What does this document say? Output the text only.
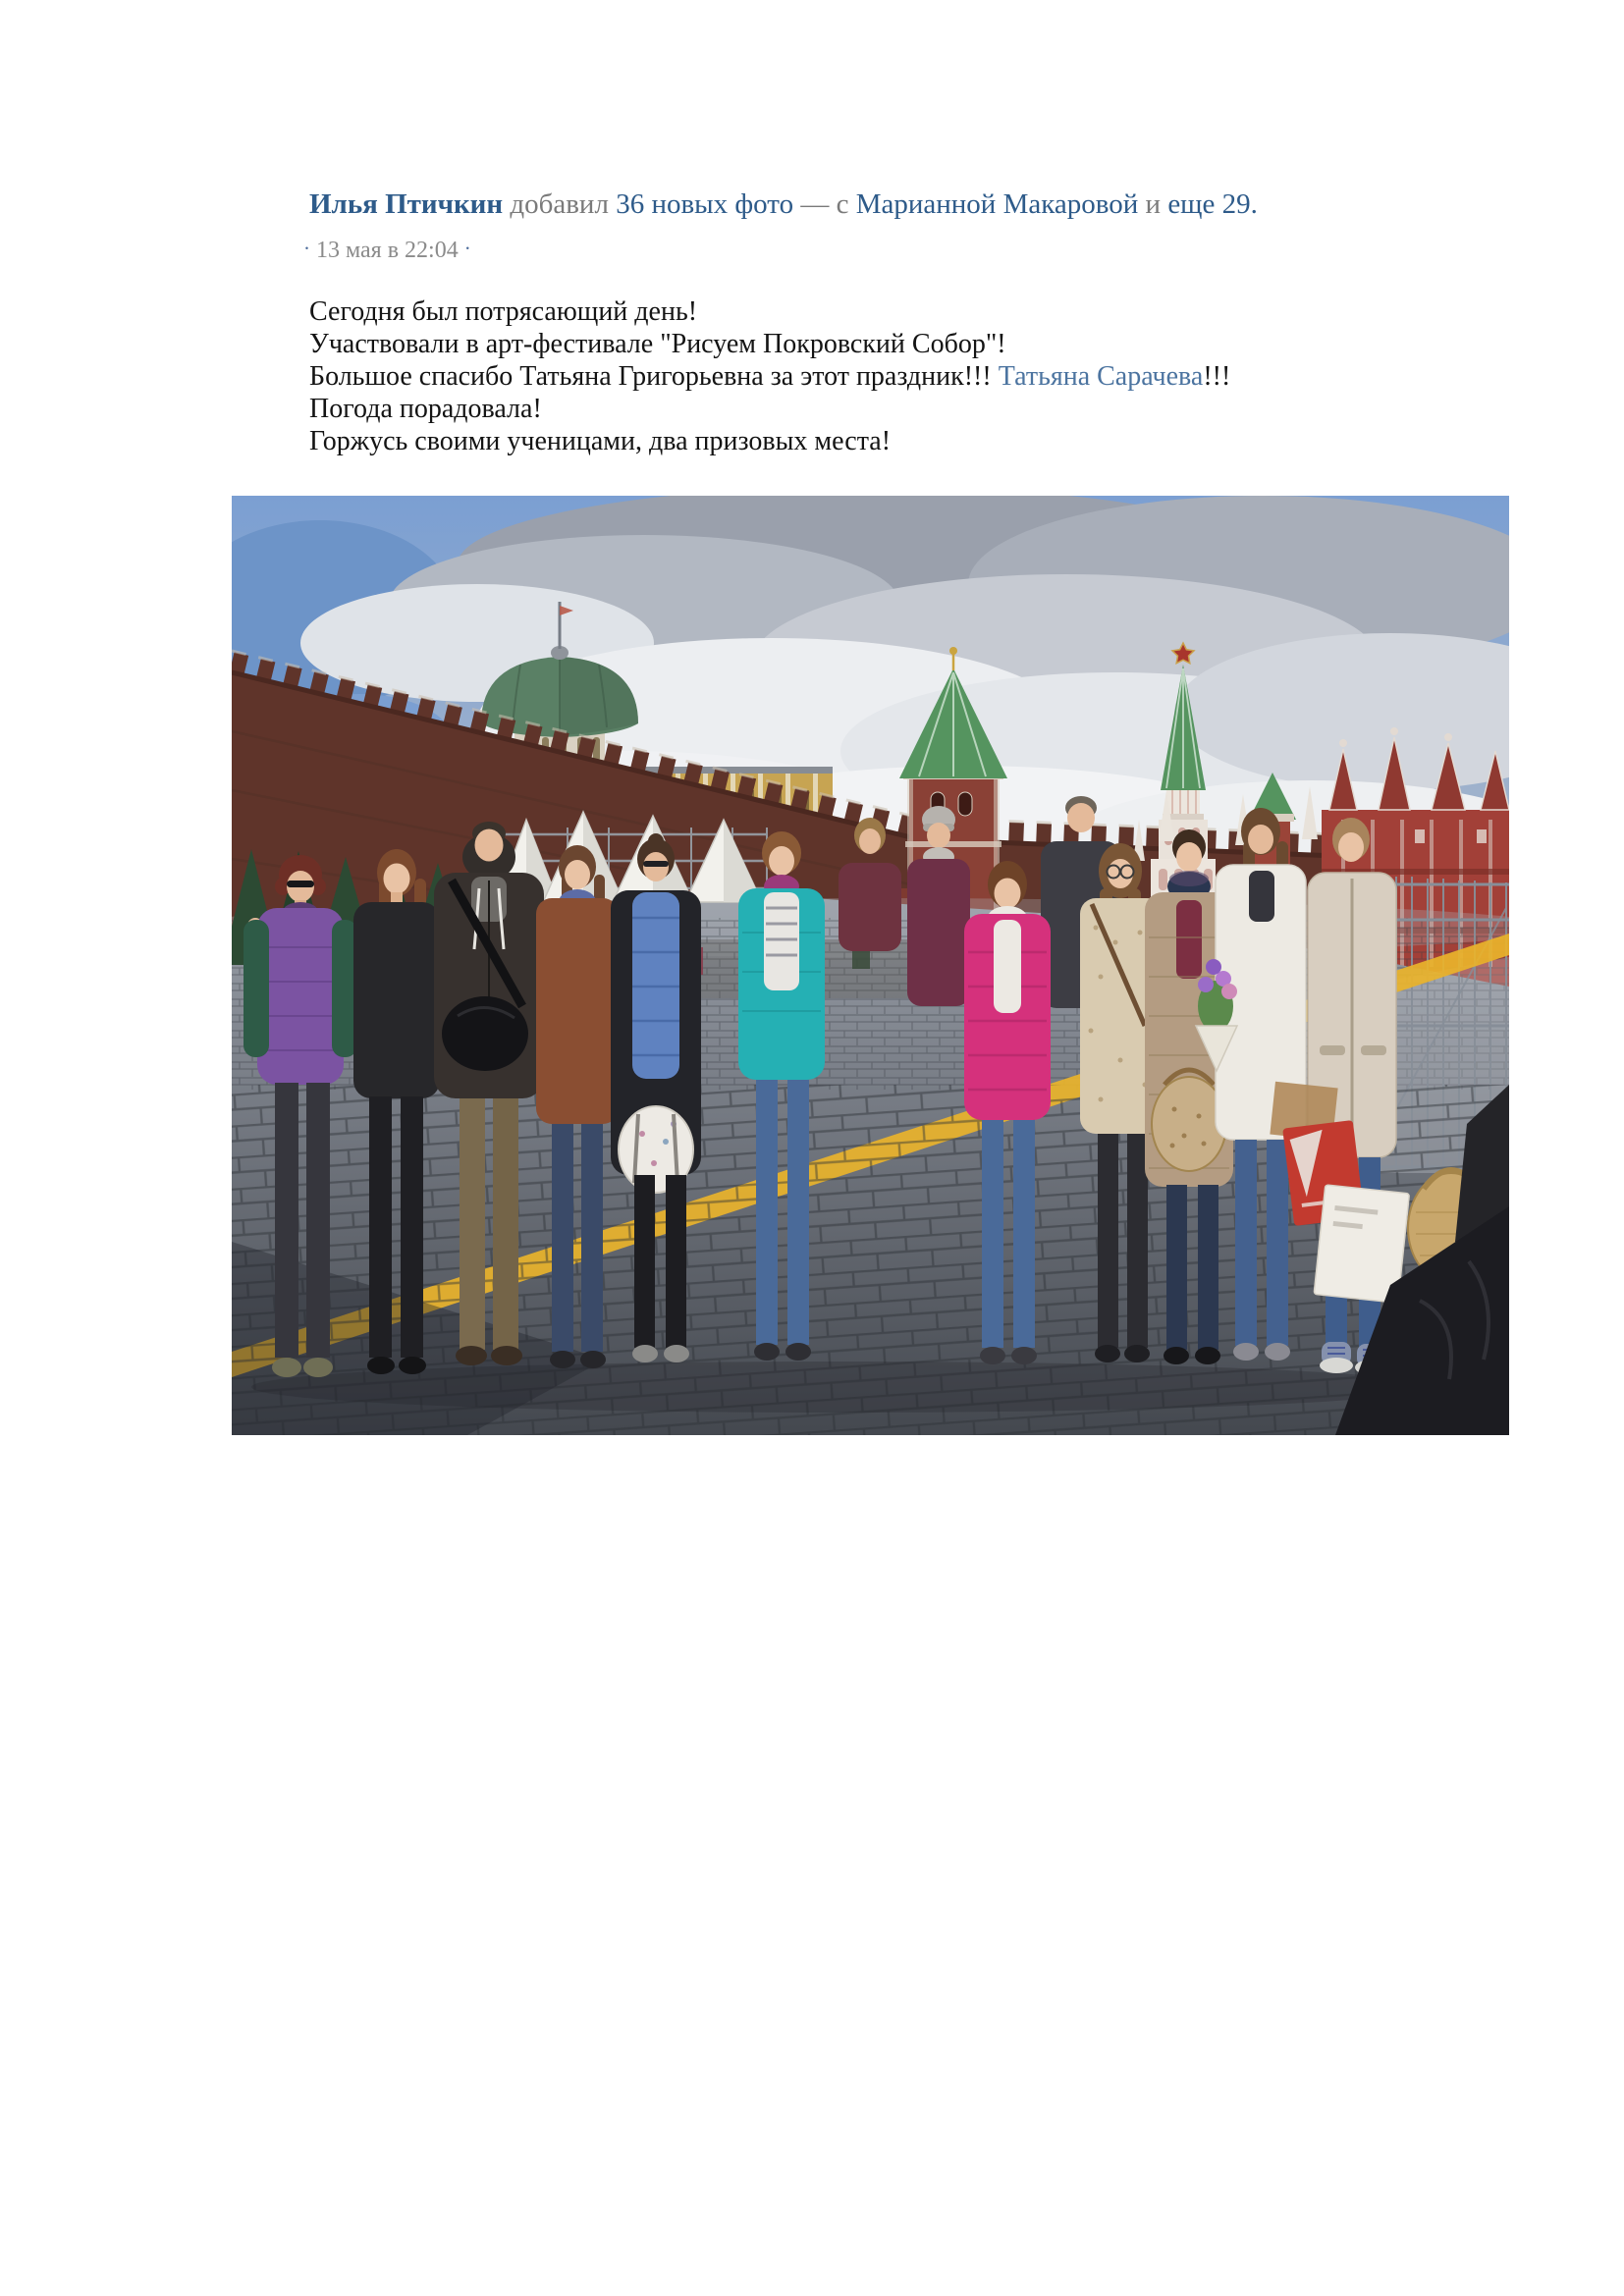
Илья Птичкин добавил 36 новых фото — с Марианной Макаровой и еще 29.
· 13 мая в 22:04 ·

Сегодня был потрясающий день!

Участвовали в арт-фестивале "Рисуем Покровский Собор"!

Большое спасибо Татьяна Григорьевна за этот праздник!!! Татьяна Сарачева!!!

Погода порадовала!

Горжусь своими ученицами, два призовых места!
